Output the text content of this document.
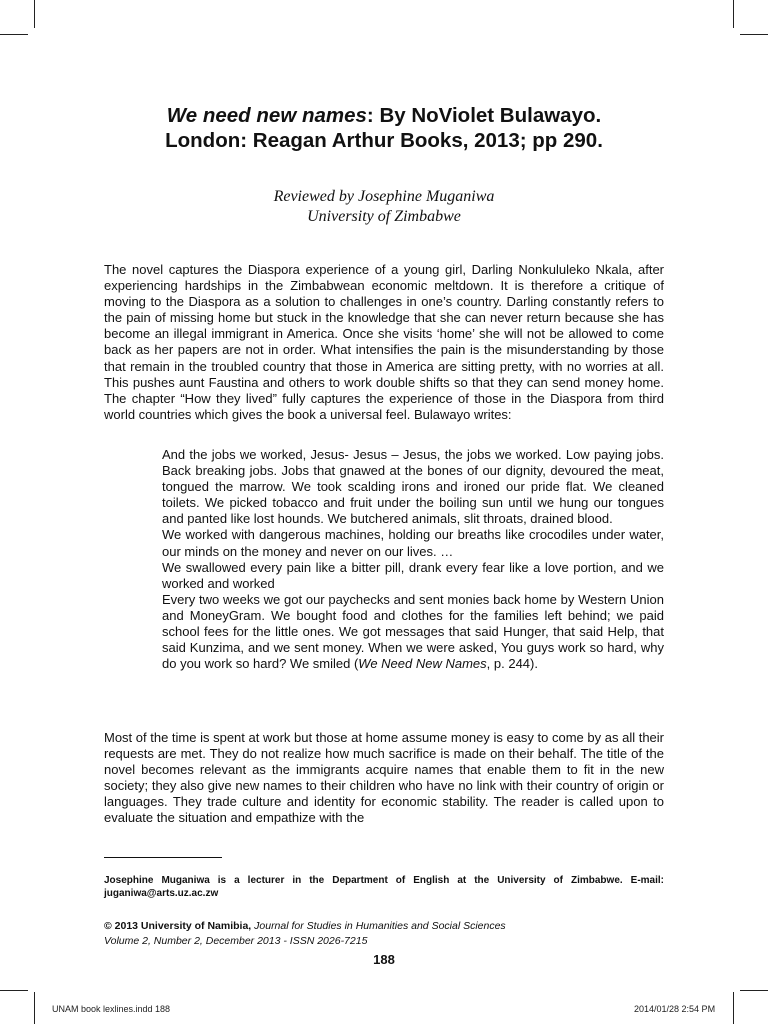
We need new names: By NoViolet Bulawayo.
London: Reagan Arthur Books, 2013; pp 290.
Reviewed by Josephine Muganiwa
University of Zimbabwe

The novel captures the Diaspora experience of a young girl, Darling Nonkululeko Nkala, after experiencing hardships in the Zimbabwean economic meltdown. It is therefore a critique of moving to the Diaspora as a solution to challenges in one’s country. Darling constantly refers to the pain of missing home but stuck in the knowledge that she can never return because she has become an illegal immigrant in America. Once she visits ‘home’ she will not be allowed to come back as her papers are not in order. What intensifies the pain is the misunderstanding by those that remain in the troubled country that those in America are sitting pretty, with no worries at all. This pushes aunt Faustina and others to work double shifts so that they can send money home. The chapter “How they lived” fully captures the experience of those in the Diaspora from third world countries which gives the book a universal feel. Bulawayo writes:

And the jobs we worked, Jesus- Jesus – Jesus, the jobs we worked. Low paying jobs. Back breaking jobs. Jobs that gnawed at the bones of our dignity, devoured the meat, tongued the marrow. We took scalding irons and ironed our pride flat. We cleaned toilets. We picked tobacco and fruit under the boiling sun until we hung our tongues and panted like lost hounds. We butchered animals, slit throats, drained blood.

We worked with dangerous machines, holding our breaths like crocodiles under water, our minds on the money and never on our lives. …

We swallowed every pain like a bitter pill, drank every fear like a love portion, and we worked and worked

Every two weeks we got our paychecks and sent monies back home by Western Union and MoneyGram. We bought food and clothes for the families left behind; we paid school fees for the little ones. We got messages that said Hunger, that said Help, that said Kunzima, and we sent money. When we were asked, You guys work so hard, why do you work so hard? We smiled (We Need New Names, p. 244).

Most of the time is spent at work but those at home assume money is easy to come by as all their requests are met. They do not realize how much sacrifice is made on their behalf. The title of the novel becomes relevant as the immigrants acquire names that enable them to fit in the new society; they also give new names to their children who have no link with their country of origin or languages. They trade culture and identity for economic stability. The reader is called upon to evaluate the situation and empathize with the

Josephine Muganiwa is a lecturer in the Department of English at the University of Zimbabwe. E-mail: juganiwa@arts.uz.ac.zw

© 2013 University of Namibia, Journal for Studies in Humanities and Social Sciences
Volume 2, Number 2, December 2013 - ISSN 2026-7215
188
UNAM book lexlines.indd 188	2014/01/28 2:54 PM
